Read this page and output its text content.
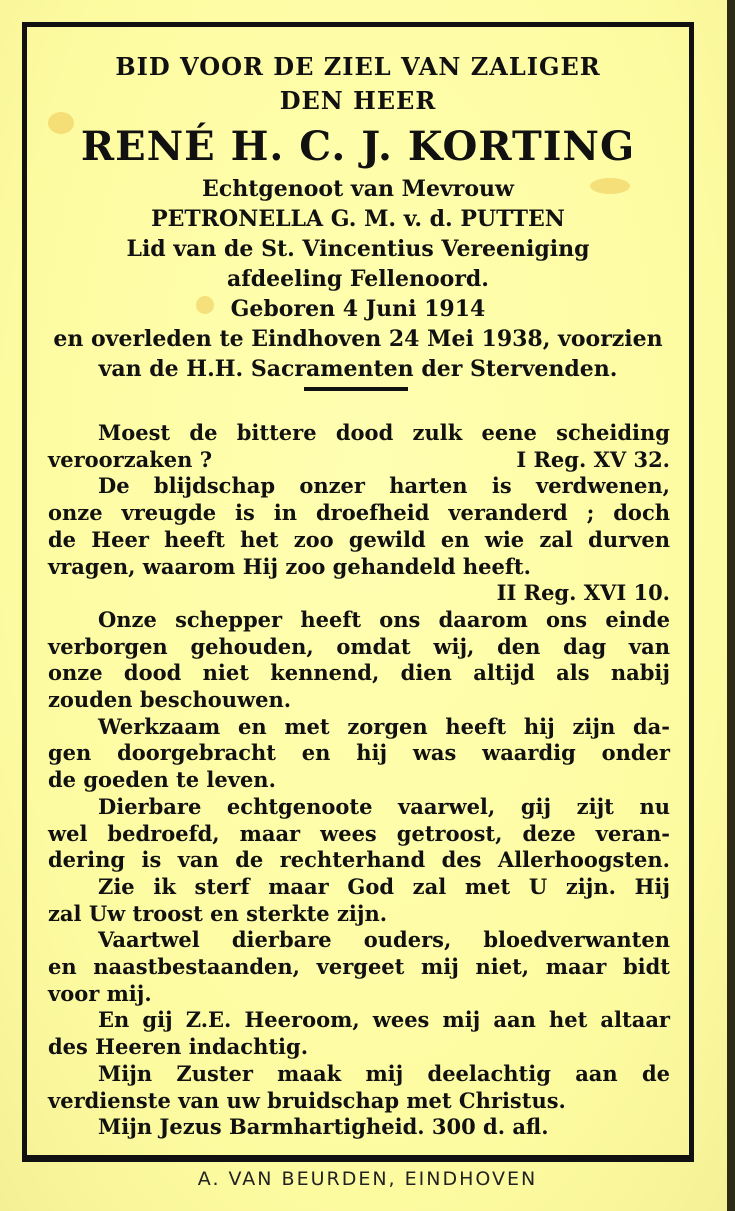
BID VOOR DE ZIEL VAN ZALIGER
DEN HEER
RENÉ H. C. J. KORTING
Echtgenoot van Mevrouw
PETRONELLA G. M. v. d. PUTTEN
Lid van de St. Vincentius Vereeniging
afdeeling Fellenoord.
Geboren 4 Juni 1914
en overleden te Eindhoven 24 Mei 1938, voorzien
van de H.H. Sacramenten der Stervenden.
Moest de bittere dood zulk eene scheiding
veroorzaken ?	I Reg. XV 32.
De blijdschap onzer harten is verdwenen,
onze vreugde is in droefheid veranderd ; doch
de Heer heeft het zoo gewild en wie zal durven
vragen, waarom Hij zoo gehandeld heeft.
II Reg. XVI 10.
Onze schepper heeft ons daarom ons einde
verborgen gehouden, omdat wij, den dag van
onze dood niet kennend, dien altijd als nabij
zouden beschouwen.
Werkzaam en met zorgen heeft hij zijn da-
gen doorgebracht en hij was waardig onder
de goeden te leven.
Dierbare echtgenoote vaarwel, gij zijt nu
wel bedroefd, maar wees getroost, deze veran-
dering is van de rechterhand des Allerhoogsten.
Zie ik sterf maar God zal met U zijn. Hij
zal Uw troost en sterkte zijn.
Vaartwel dierbare ouders, bloedverwanten
en naastbestaanden, vergeet mij niet, maar bidt
voor mij.
En gij Z.E. Heeroom, wees mij aan het altaar
des Heeren indachtig.
Mijn Zuster maak mij deelachtig aan de
verdienste van uw bruidschap met Christus.
Mijn Jezus Barmhartigheid. 300 d. afl.
A. VAN BEURDEN, EINDHOVEN
